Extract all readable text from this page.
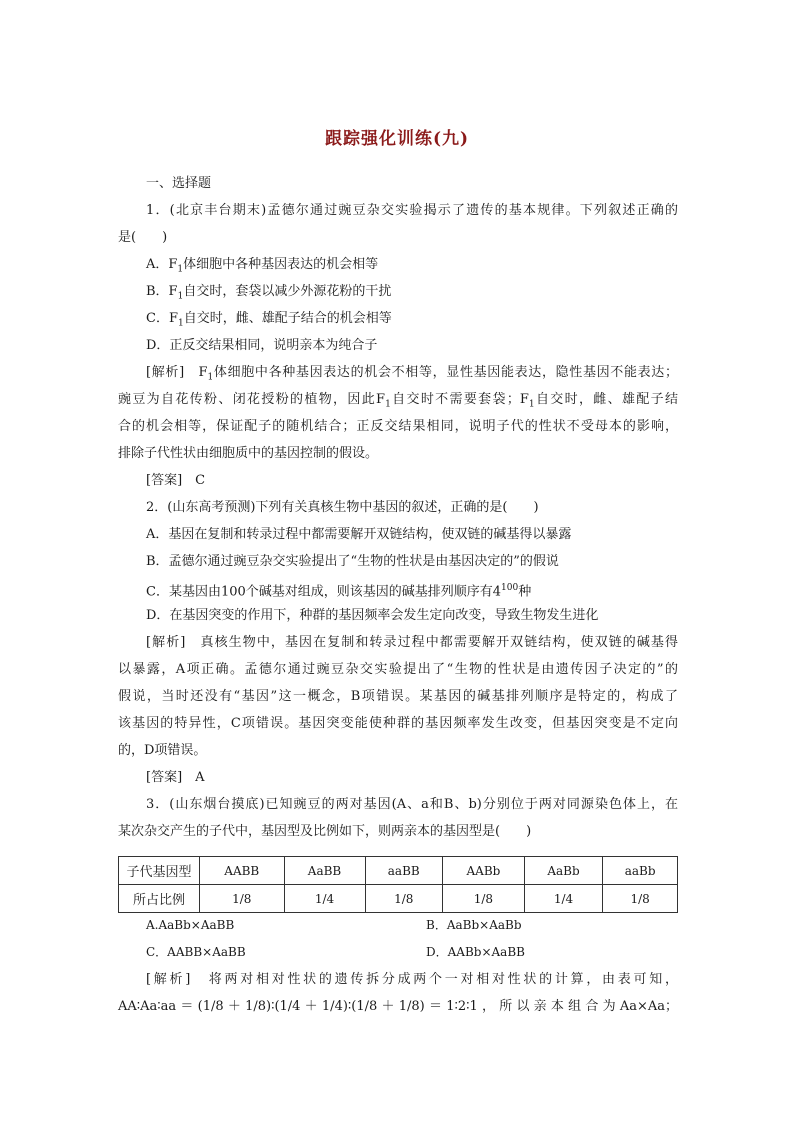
跟踪强化训练(九)
一、选择题
1．(北京丰台期末)孟德尔通过豌豆杂交实验揭示了遗传的基本规律。下列叙述正确的
是(　　)
A．$F_1$体细胞中各种基因表达的机会相等
B．$F_1$自交时，套袋以减少外源花粉的干扰
C．$F_1$自交时，雌、雄配子结合的机会相等
D．正反交结果相同，说明亲本为纯合子
[解析]　$F_1$体细胞中各种基因表达的机会不相等，显性基因能表达，隐性基因不能表达；
豌豆为自花传粉、闭花授粉的植物，因此$F_1$自交时不需要套袋；$F_1$自交时，雌、雄配子结
合的机会相等，保证配子的随机结合；正反交结果相同，说明子代的性状不受母本的影响，
排除子代性状由细胞质中的基因控制的假设。
[答案]　C
2．(山东高考预测)下列有关真核生物中基因的叙述，正确的是(　　)
A．基因在复制和转录过程中都需要解开双链结构，使双链的碱基得以暴露
B．孟德尔通过豌豆杂交实验提出了“生物的性状是由基因决定的”的假说
C．某基因由100个碱基对组成，则该基因的碱基排列顺序有$4^{100}$种
D．在基因突变的作用下，种群的基因频率会发生定向改变，导致生物发生进化
[解析]　真核生物中，基因在复制和转录过程中都需要解开双链结构，使双链的碱基得
以暴露，A项正确。孟德尔通过豌豆杂交实验提出了“生物的性状是由遗传因子决定的”的
假说，当时还没有“基因”这一概念，B项错误。某基因的碱基排列顺序是特定的，构成了
该基因的特异性，C项错误。基因突变能使种群的基因频率发生改变，但基因突变是不定向
的，D项错误。
[答案]　A
3．(山东烟台摸底)已知豌豆的两对基因(A、a和B、b)分别位于两对同源染色体上，在
某次杂交产生的子代中，基因型及比例如下，则两亲本的基因型是(　　)
子代基因型	AABB	AaBB	aaBB	AABb	AaBb	aaBb
所占比例	1/8	1/4	1/8	1/8	1/4	1/8
A.AaBb×AaBB	B．AaBb×AaBb
C．AABB×AaBB	D．AABb×AaBB
[解析]　将两对相对性状的遗传拆分成两个一对相对性状的计算，由表可知，
AA∶Aa∶aa＝(1/8＋1/8)∶(1/4＋1/4)∶(1/8＋1/8)＝1∶2∶1，所以亲本组合为Aa×Aa；
